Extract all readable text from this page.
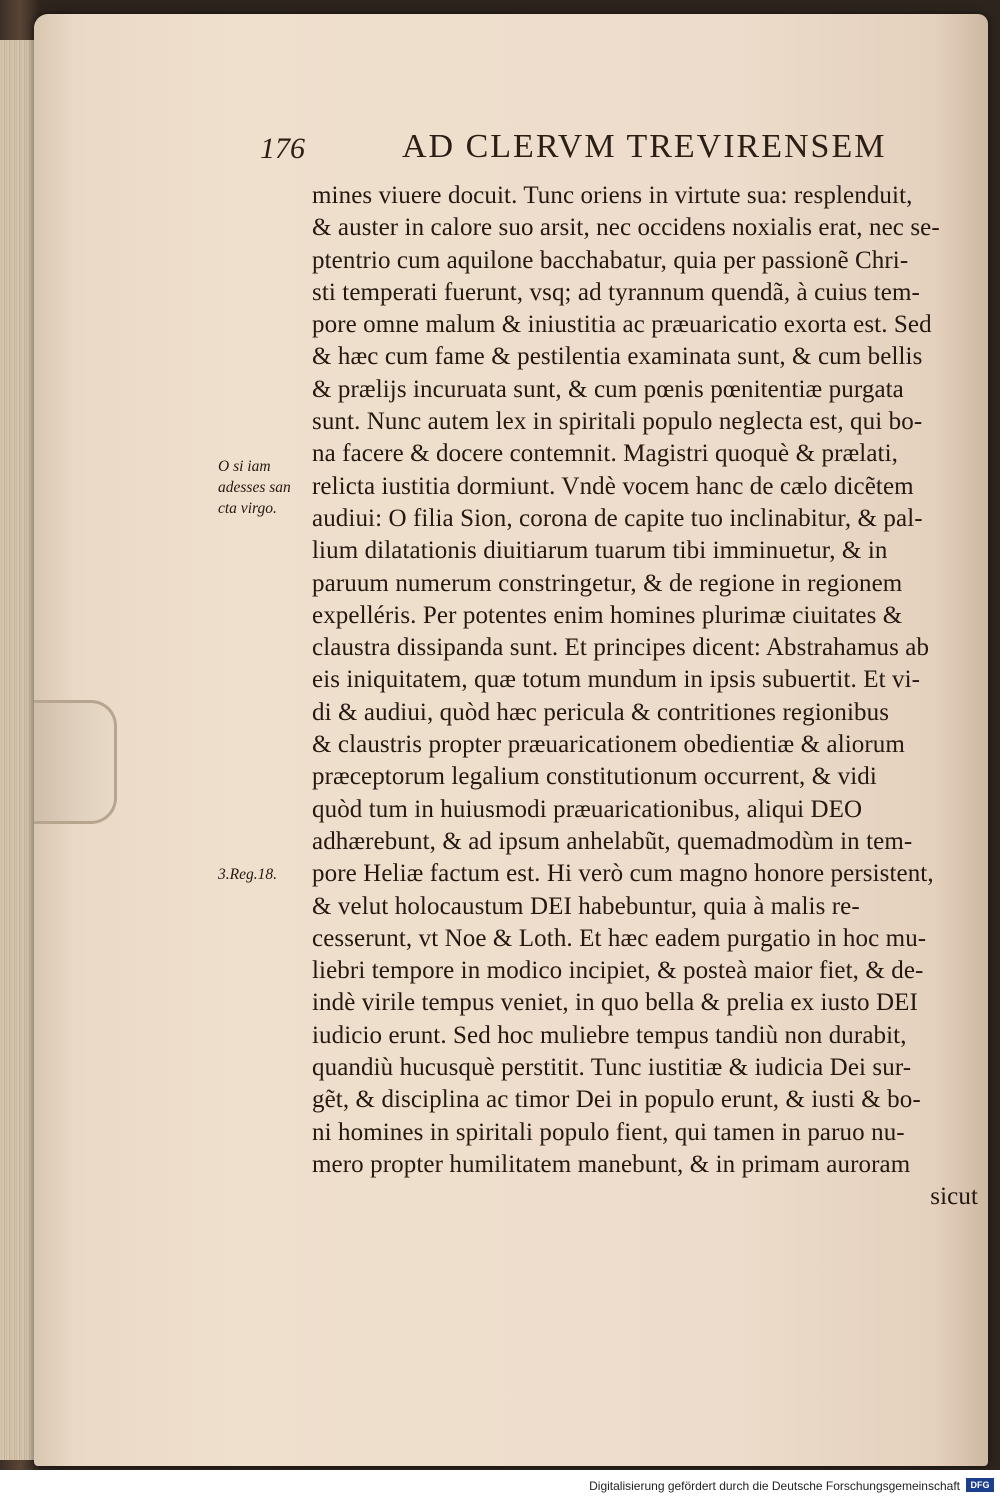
176	AD CLERVM TREVIRENSEM
O si iam
adesses san
cta virgo.
3.Reg.18.
mines viuere docuit. Tunc oriens in virtute sua: resplenduit,
& auster in calore suo arsit, nec occidens noxialis erat, nec se-
ptentrio cum aquilone bacchabatur, quia per passionẽ Chri-
sti temperati fuerunt, vsq; ad tyrannum quendã, à cuius tem-
pore omne malum & iniustitia ac præuaricatio exorta est. Sed
& hæc cum fame & pestilentia examinata sunt, & cum bellis
& prælijs incuruata sunt, & cum pœnis pœnitentiæ purgata
sunt. Nunc autem lex in spiritali populo neglecta est, qui bo-
na facere & docere contemnit. Magistri quoquè & prælati,
relicta iustitia dormiunt. Vndè vocem hanc de cælo dicẽtem
audiui: O filia Sion, corona de capite tuo inclinabitur, & pal-
lium dilatationis diuitiarum tuarum tibi imminuetur, & in
paruum numerum constringetur, & de regione in regionem
expelléris. Per potentes enim homines plurimæ ciuitates &
claustra dissipanda sunt. Et principes dicent: Abstrahamus ab
eis iniquitatem, quæ totum mundum in ipsis subuertit. Et vi-
di & audiui, quòd hæc pericula & contritiones regionibus
& claustris propter præuaricationem obedientiæ & aliorum
præceptorum legalium constitutionum occurrent, & vidi
quòd tum in huiusmodi præuaricationibus, aliqui DEO
adhærebunt, & ad ipsum anhelabũt, quemadmodùm in tem-
pore Heliæ factum est. Hi verò cum magno honore persistent,
& velut holocaustum DEI habebuntur, quia à malis re-
cesserunt, vt Noe & Loth. Et hæc eadem purgatio in hoc mu-
liebri tempore in modico incipiet, & posteà maior fiet, & de-
indè virile tempus veniet, in quo bella & prelia ex iusto DEI
iudicio erunt. Sed hoc muliebre tempus tandiù non durabit,
quandiù hucusquè perstitit. Tunc iustitiæ & iudicia Dei sur-
gẽt, & disciplina ac timor Dei in populo erunt, & iusti & bo-
ni homines in spiritali populo fient, qui tamen in paruo nu-
mero propter humilitatem manebunt, & in primam auroram
sicut
Digitalisierung gefördert durch die Deutsche Forschungsgemeinschaft	DFG
